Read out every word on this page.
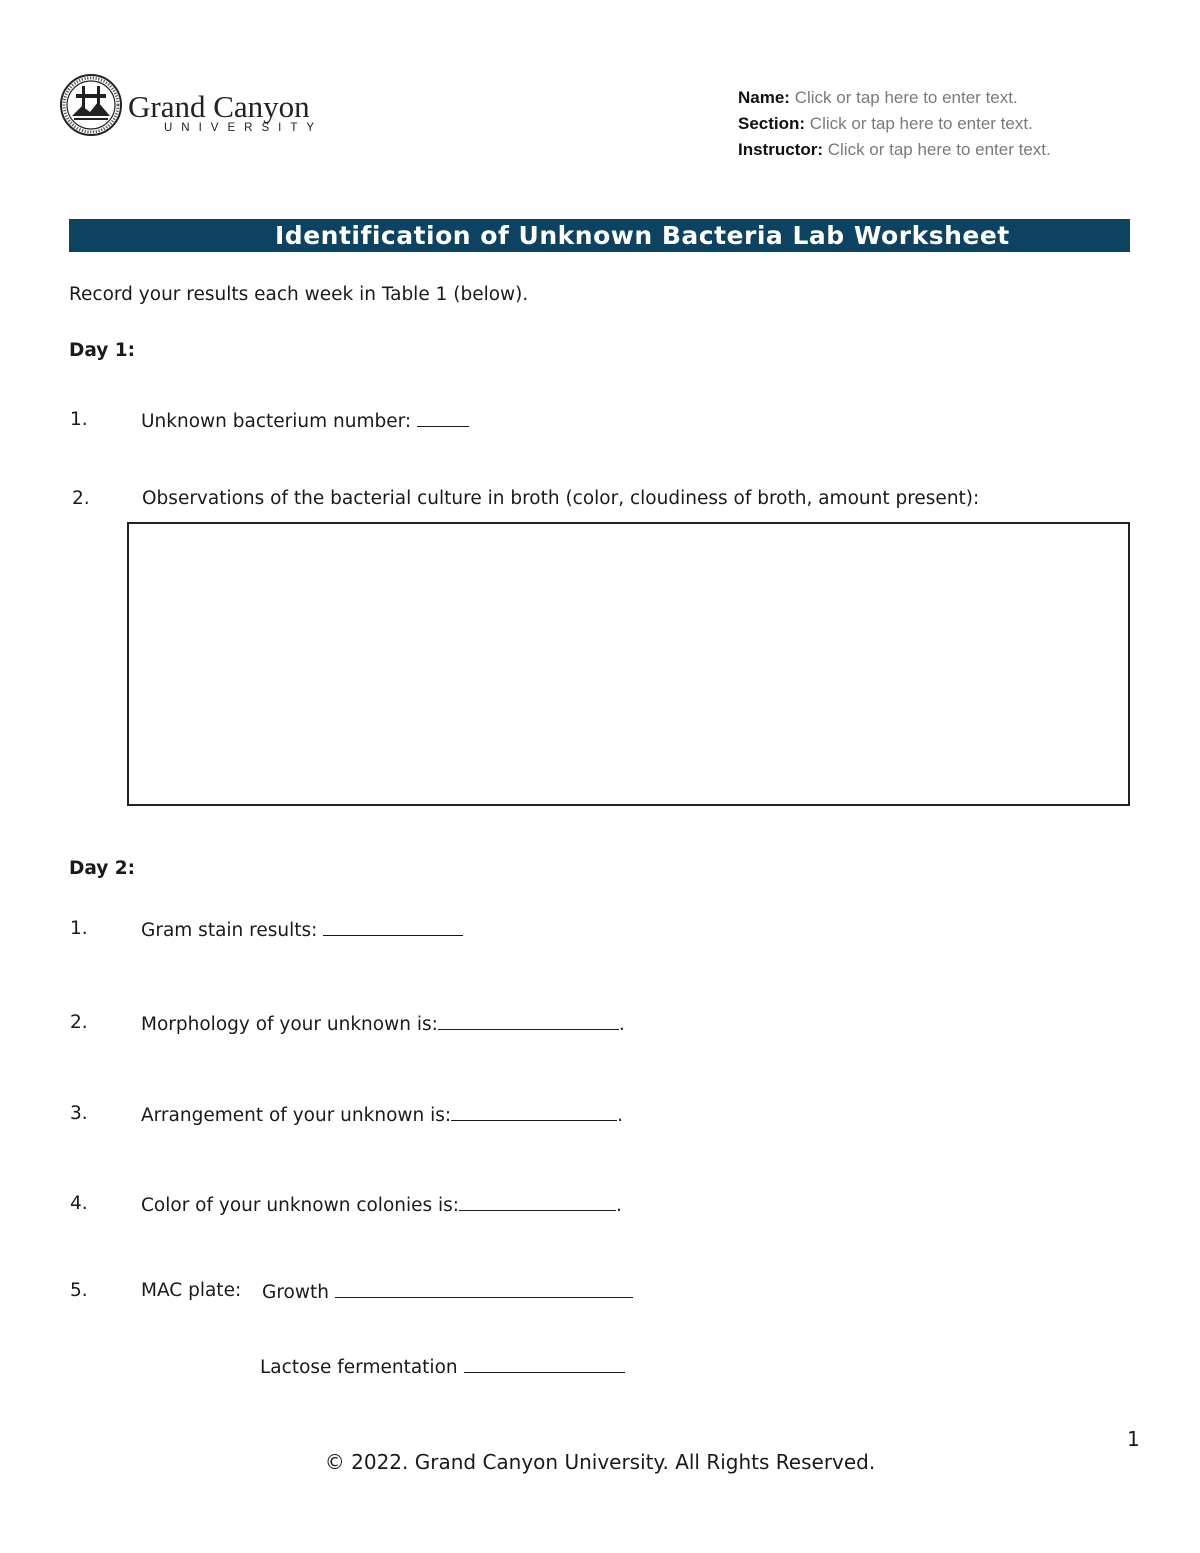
Grand Canyon
UNIVERSITY
Name: Click or tap here to enter text.
Section: Click or tap here to enter text.
Instructor: Click or tap here to enter text.
Identification of Unknown Bacteria Lab Worksheet
Record your results each week in Table 1 (below).
Day 1:
1.	Unknown bacterium number:
2.	Observations of the bacterial culture in broth (color, cloudiness of broth, amount present):
Day 2:
1.	Gram stain results:
2.	Morphology of your unknown is:	.
3.	Arrangement of your unknown is:	.
4.	Color of your unknown colonies is:	.
5.	MAC plate: Growth
Lactose fermentation
1
© 2022. Grand Canyon University. All Rights Reserved.
